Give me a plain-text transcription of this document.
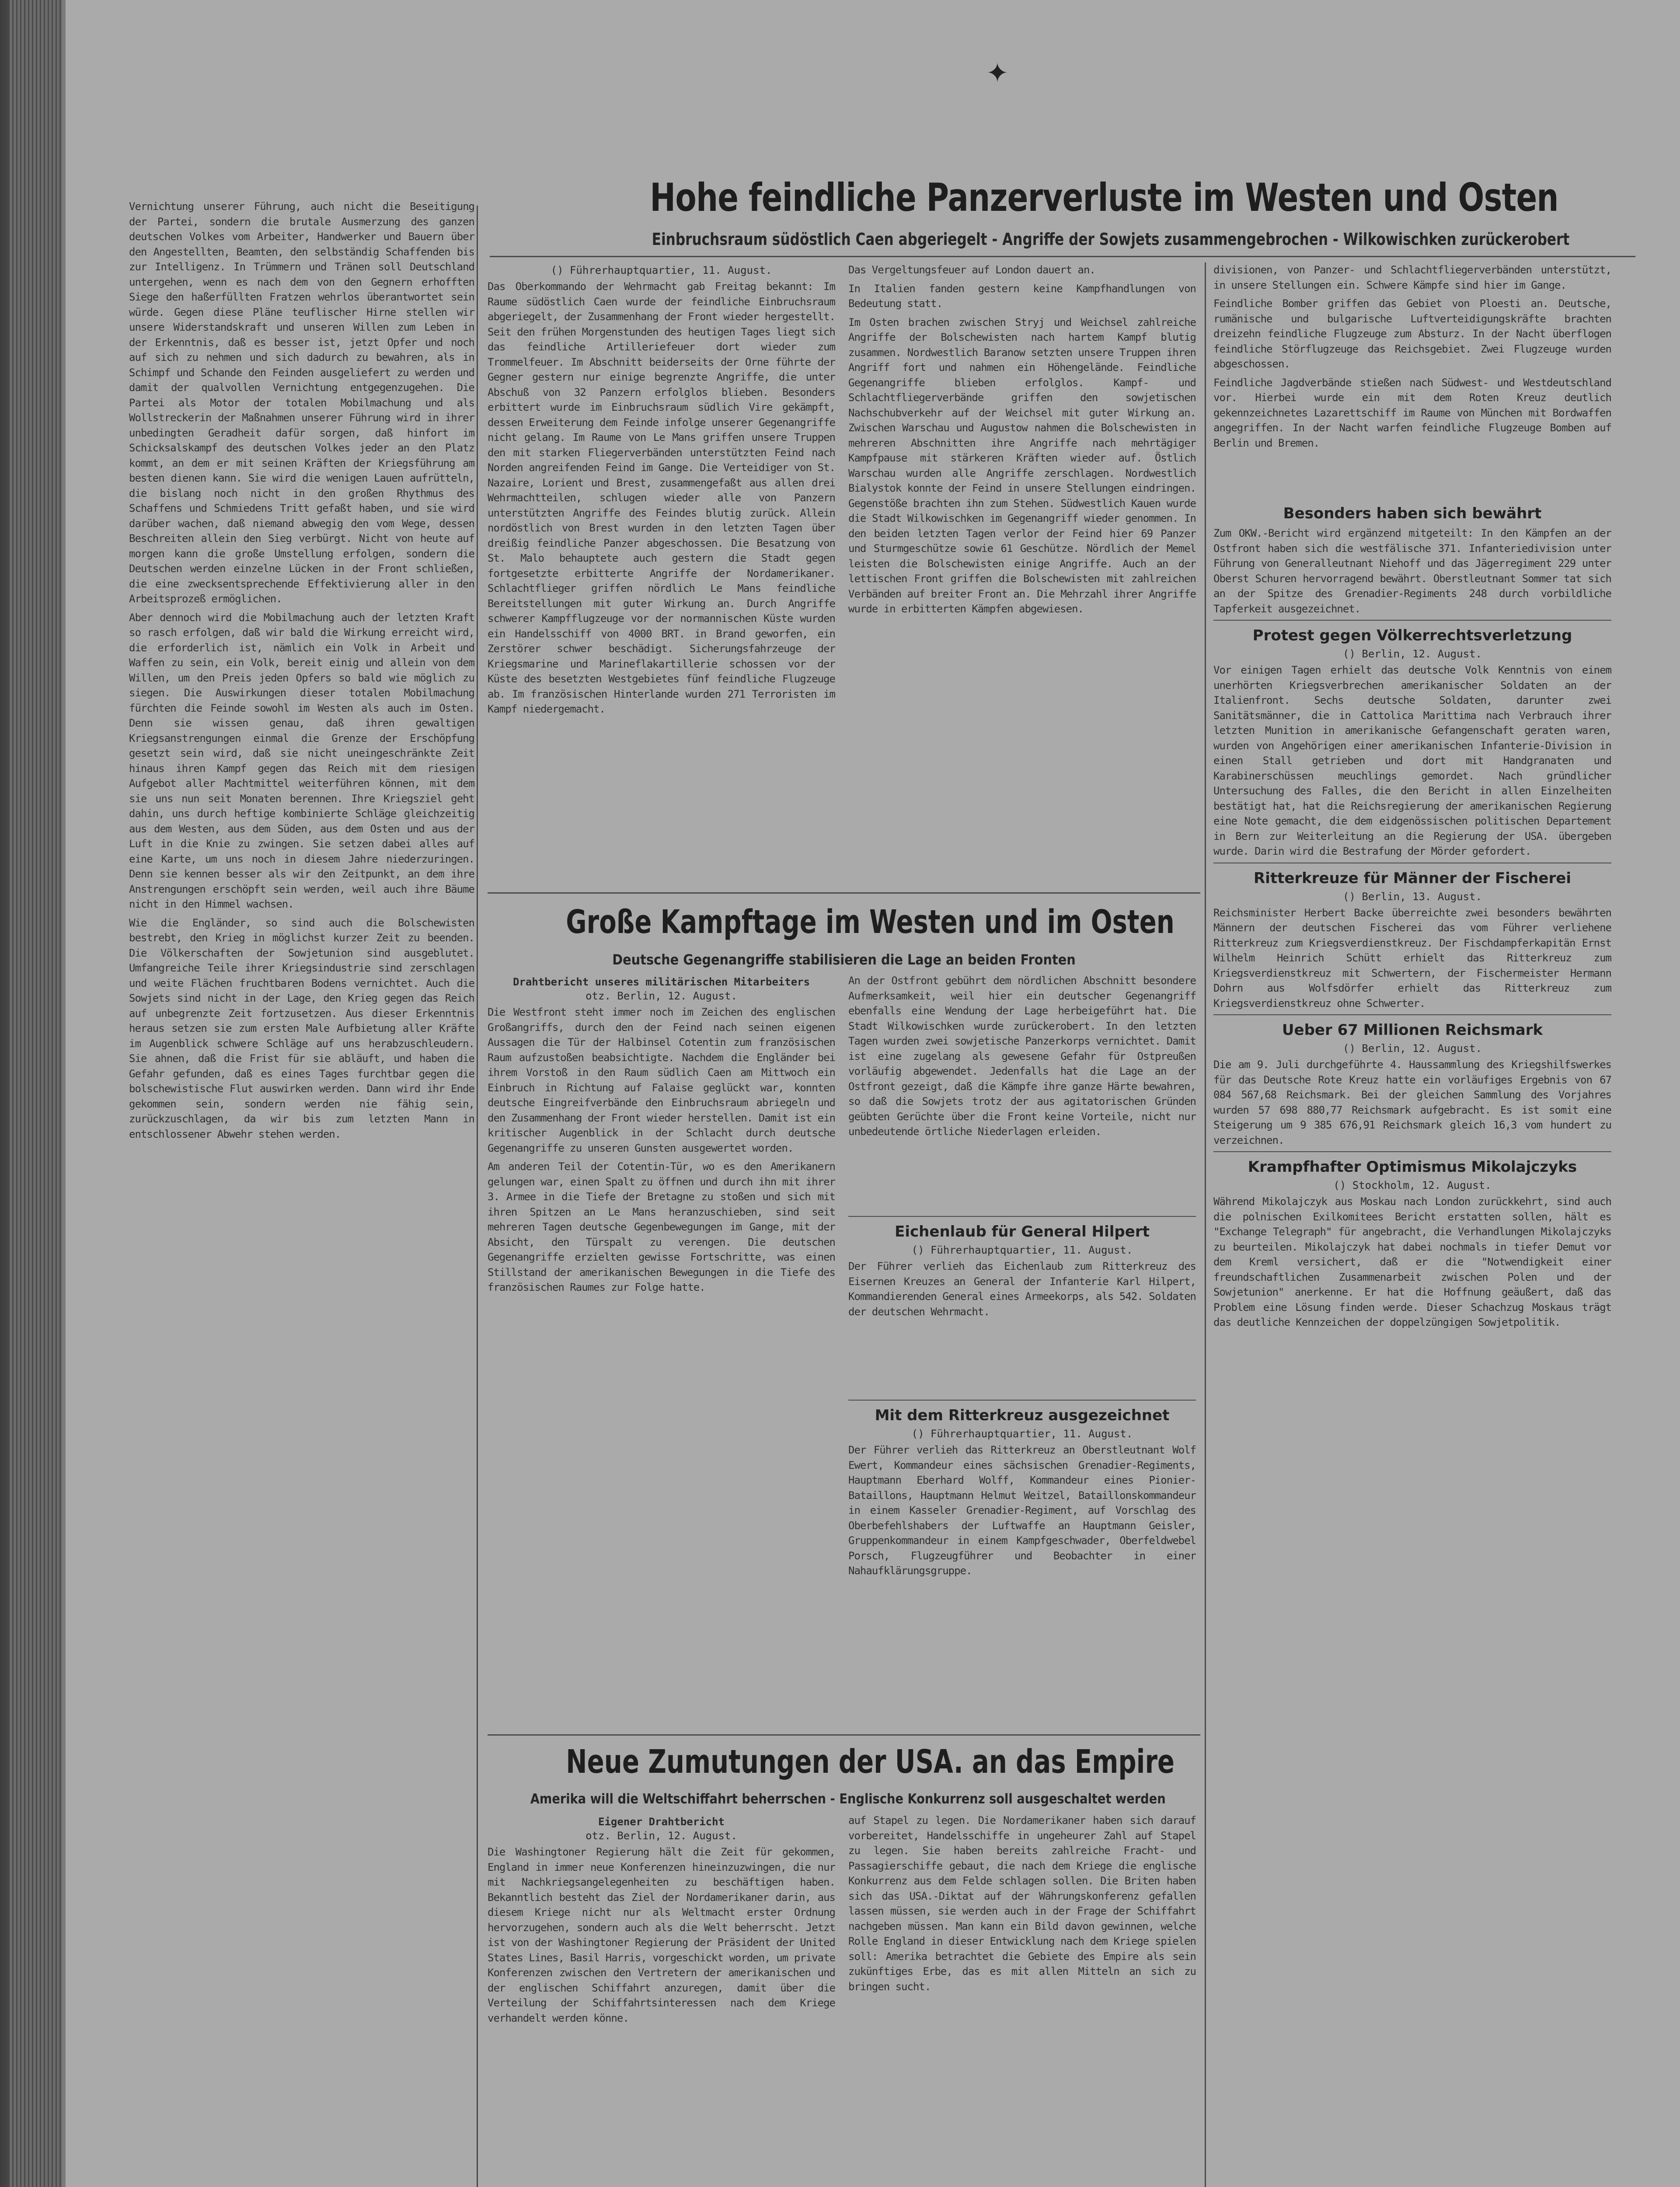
✦

Vernichtung unserer Führung, auch nicht die Beseitigung der Partei, sondern die brutale Ausmerzung des ganzen deutschen Volkes vom Arbeiter, Handwerker und Bauern über den Angestellten, Beamten, den selbständig Schaffenden bis zur Intelligenz. In Trümmern und Tränen soll Deutschland untergehen, wenn es nach dem von den Gegnern erhofften Siege den haßerfüllten Fratzen wehrlos überantwortet sein würde. Gegen diese Pläne teuflischer Hirne stellen wir unsere Widerstandskraft und unseren Willen zum Leben in der Erkenntnis, daß es besser ist, jetzt Opfer und noch auf sich zu nehmen und sich dadurch zu bewahren, als in Schimpf und Schande den Feinden ausgeliefert zu werden und damit der qualvollen Vernichtung entgegenzugehen. Die Partei als Motor der totalen Mobilmachung und als Wollstreckerin der Maßnahmen unserer Führung wird in ihrer unbedingten Geradheit dafür sorgen, daß hinfort im Schicksalskampf des deutschen Volkes jeder an den Platz kommt, an dem er mit seinen Kräften der Kriegsführung am besten dienen kann. Sie wird die wenigen Lauen aufrütteln, die bislang noch nicht in den großen Rhythmus des Schaffens und Schmiedens Tritt gefaßt haben, und sie wird darüber wachen, daß niemand abwegig den vom Wege, dessen Beschreiten allein den Sieg verbürgt. Nicht von heute auf morgen kann die große Umstellung erfolgen, sondern die Deutschen werden einzelne Lücken in der Front schließen, die eine zwecksentsprechende Effektivierung aller in den Arbeitsprozeß ermöglichen.

Aber dennoch wird die Mobilmachung auch der letzten Kraft so rasch erfolgen, daß wir bald die Wirkung erreicht wird, die erforderlich ist, nämlich ein Volk in Arbeit und Waffen zu sein, ein Volk, bereit einig und allein von dem Willen, um den Preis jeden Opfers so bald wie möglich zu siegen. Die Auswirkungen dieser totalen Mobilmachung fürchten die Feinde sowohl im Westen als auch im Osten. Denn sie wissen genau, daß ihren gewaltigen Kriegsanstrengungen einmal die Grenze der Erschöpfung gesetzt sein wird, daß sie nicht uneingeschränkte Zeit hinaus ihren Kampf gegen das Reich mit dem riesigen Aufgebot aller Machtmittel weiterführen können, mit dem sie uns nun seit Monaten berennen. Ihre Kriegsziel geht dahin, uns durch heftige kombinierte Schläge gleichzeitig aus dem Westen, aus dem Süden, aus dem Osten und aus der Luft in die Knie zu zwingen. Sie setzen dabei alles auf eine Karte, um uns noch in diesem Jahre niederzuringen. Denn sie kennen besser als wir den Zeitpunkt, an dem ihre Anstrengungen erschöpft sein werden, weil auch ihre Bäume nicht in den Himmel wachsen.

Wie die Engländer, so sind auch die Bolschewisten bestrebt, den Krieg in möglichst kurzer Zeit zu beenden. Die Völkerschaften der Sowjetunion sind ausgeblutet. Umfangreiche Teile ihrer Kriegsindustrie sind zerschlagen und weite Flächen fruchtbaren Bodens vernichtet. Auch die Sowjets sind nicht in der Lage, den Krieg gegen das Reich auf unbegrenzte Zeit fortzusetzen. Aus dieser Erkenntnis heraus setzen sie zum ersten Male Aufbietung aller Kräfte im Augenblick schwere Schläge auf uns herabzuschleudern. Sie ahnen, daß die Frist für sie abläuft, und haben die Gefahr gefunden, daß es eines Tages furchtbar gegen die bolschewistische Flut auswirken werden. Dann wird ihr Ende gekommen sein, sondern werden nie fähig sein, zurückzuschlagen, da wir bis zum letzten Mann in entschlossener Abwehr stehen werden.

Hohe feindliche Panzerverluste im Westen und Osten

Einbruchsraum südöstlich Caen abgeriegelt - Angriffe der Sowjets zusammengebrochen - Wilkowischken zurückerobert

() Führerhauptquartier, 11. August.

Das Oberkommando der Wehrmacht gab Freitag bekannt: Im Raume südöstlich Caen wurde der feindliche Einbruchsraum abgeriegelt, der Zusammenhang der Front wieder hergestellt. Seit den frühen Morgenstunden des heutigen Tages liegt sich das feindliche Artilleriefeuer dort wieder zum Trommelfeuer. Im Abschnitt beiderseits der Orne führte der Gegner gestern nur einige begrenzte Angriffe, die unter Abschuß von 32 Panzern erfolglos blieben. Besonders erbittert wurde im Einbruchsraum südlich Vire gekämpft, dessen Erweiterung dem Feinde infolge unserer Gegenangriffe nicht gelang. Im Raume von Le Mans griffen unsere Truppen den mit starken Fliegerverbänden unterstützten Feind nach Norden angreifenden Feind im Gange. Die Verteidiger von St. Nazaire, Lorient und Brest, zusammengefaßt aus allen drei Wehrmachtteilen, schlugen wieder alle von Panzern unterstützten Angriffe des Feindes blutig zurück. Allein nordöstlich von Brest wurden in den letzten Tagen über dreißig feindliche Panzer abgeschossen. Die Besatzung von St. Malo behauptete auch gestern die Stadt gegen fortgesetzte erbitterte Angriffe der Nordamerikaner. Schlachtflieger griffen nördlich Le Mans feindliche Bereitstellungen mit guter Wirkung an. Durch Angriffe schwerer Kampfflugzeuge vor der normannischen Küste wurden ein Handelsschiff von 4000 BRT. in Brand geworfen, ein Zerstörer schwer beschädigt. Sicherungsfahrzeuge der Kriegsmarine und Marineflakartillerie schossen vor der Küste des besetzten Westgebietes fünf feindliche Flugzeuge ab. Im französischen Hinterlande wurden 271 Terroristen im Kampf niedergemacht.

Das Vergeltungsfeuer auf London dauert an.

In Italien fanden gestern keine Kampfhandlungen von Bedeutung statt.

Im Osten brachen zwischen Stryj und Weichsel zahlreiche Angriffe der Bolschewisten nach hartem Kampf blutig zusammen. Nordwestlich Baranow setzten unsere Truppen ihren Angriff fort und nahmen ein Höhengelände. Feindliche Gegenangriffe blieben erfolglos. Kampf- und Schlachtfliegerverbände griffen den sowjetischen Nachschubverkehr auf der Weichsel mit guter Wirkung an. Zwischen Warschau und Augustow nahmen die Bolschewisten in mehreren Abschnitten ihre Angriffe nach mehrtägiger Kampfpause mit stärkeren Kräften wieder auf. Östlich Warschau wurden alle Angriffe zerschlagen. Nordwestlich Bialystok konnte der Feind in unsere Stellungen eindringen. Gegenstöße brachten ihn zum Stehen. Südwestlich Kauen wurde die Stadt Wilkowischken im Gegenangriff wieder genommen. In den beiden letzten Tagen verlor der Feind hier 69 Panzer und Sturmgeschütze sowie 61 Geschütze. Nördlich der Memel leisten die Bolschewisten einige Angriffe. Auch an der lettischen Front griffen die Bolschewisten mit zahlreichen Verbänden auf breiter Front an. Die Mehrzahl ihrer Angriffe wurde in erbitterten Kämpfen abgewiesen.

divisionen, von Panzer- und Schlachtfliegerverbänden unterstützt, in unsere Stellungen ein. Schwere Kämpfe sind hier im Gange.

Feindliche Bomber griffen das Gebiet von Ploesti an. Deutsche, rumänische und bulgarische Luftverteidigungskräfte brachten dreizehn feindliche Flugzeuge zum Absturz. In der Nacht überflogen feindliche Störflugzeuge das Reichsgebiet. Zwei Flugzeuge wurden abgeschossen.

Feindliche Jagdverbände stießen nach Südwest- und Westdeutschland vor. Hierbei wurde ein mit dem Roten Kreuz deutlich gekennzeichnetes Lazarettschiff im Raume von München mit Bordwaffen angegriffen. In der Nacht warfen feindliche Flugzeuge Bomben auf Berlin und Bremen.

Große Kampftage im Westen und im Osten

Deutsche Gegenangriffe stabilisieren die Lage an beiden Fronten

Drahtbericht unseres militärischen Mitarbeiters

otz. Berlin, 12. August.

Die Westfront steht immer noch im Zeichen des englischen Großangriffs, durch den der Feind nach seinen eigenen Aussagen die Tür der Halbinsel Cotentin zum französischen Raum aufzustoßen beabsichtigte. Nachdem die Engländer bei ihrem Vorstoß in den Raum südlich Caen am Mittwoch ein Einbruch in Richtung auf Falaise geglückt war, konnten deutsche Eingreifverbände den Einbruchsraum abriegeln und den Zusammenhang der Front wieder herstellen. Damit ist ein kritischer Augenblick in der Schlacht durch deutsche Gegenangriffe zu unseren Gunsten ausgewertet worden.

Am anderen Teil der Cotentin-Tür, wo es den Amerikanern gelungen war, einen Spalt zu öffnen und durch ihn mit ihrer 3. Armee in die Tiefe der Bretagne zu stoßen und sich mit ihren Spitzen an Le Mans heranzuschieben, sind seit mehreren Tagen deutsche Gegenbewegungen im Gange, mit der Absicht, den Türspalt zu verengen. Die deutschen Gegenangriffe erzielten gewisse Fortschritte, was einen Stillstand der amerikanischen Bewegungen in die Tiefe des französischen Raumes zur Folge hatte.

An der Ostfront gebührt dem nördlichen Abschnitt besondere Aufmerksamkeit, weil hier ein deutscher Gegenangriff ebenfalls eine Wendung der Lage herbeigeführt hat. Die Stadt Wilkowischken wurde zurückerobert. In den letzten Tagen wurden zwei sowjetische Panzerkorps vernichtet. Damit ist eine zugelang als gewesene Gefahr für Ostpreußen vorläufig abgewendet. Jedenfalls hat die Lage an der Ostfront gezeigt, daß die Kämpfe ihre ganze Härte bewahren, so daß die Sowjets trotz der aus agitatorischen Gründen geübten Gerüchte über die Front keine Vorteile, nicht nur unbedeutende örtliche Niederlagen erleiden.

Eichenlaub für General Hilpert

() Führerhauptquartier, 11. August.

Der Führer verlieh das Eichenlaub zum Ritterkreuz des Eisernen Kreuzes an General der Infanterie Karl Hilpert, Kommandierenden General eines Armeekorps, als 542. Soldaten der deutschen Wehrmacht.

Mit dem Ritterkreuz ausgezeichnet

() Führerhauptquartier, 11. August.

Der Führer verlieh das Ritterkreuz an Oberstleutnant Wolf Ewert, Kommandeur eines sächsischen Grenadier-Regiments, Hauptmann Eberhard Wolff, Kommandeur eines Pionier-Bataillons, Hauptmann Helmut Weitzel, Bataillonskommandeur in einem Kasseler Grenadier-Regiment, auf Vorschlag des Oberbefehlshabers der Luftwaffe an Hauptmann Geisler, Gruppenkommandeur in einem Kampfgeschwader, Oberfeldwebel Porsch, Flugzeugführer und Beobachter in einer Nahaufklärungsgruppe.

Neue Zumutungen der USA. an das Empire

Amerika will die Weltschiffahrt beherrschen - Englische Konkurrenz soll ausgeschaltet werden

Eigener Drahtbericht

otz. Berlin, 12. August.

Die Washingtoner Regierung hält die Zeit für gekommen, England in immer neue Konferenzen hineinzuzwingen, die nur mit Nachkriegsangelegenheiten zu beschäftigen haben. Bekanntlich besteht das Ziel der Nordamerikaner darin, aus diesem Kriege nicht nur als Weltmacht erster Ordnung hervorzugehen, sondern auch als die Welt beherrscht. Jetzt ist von der Washingtoner Regierung der Präsident der United States Lines, Basil Harris, vorgeschickt worden, um private Konferenzen zwischen den Vertretern der amerikanischen und der englischen Schiffahrt anzuregen, damit über die Verteilung der Schiffahrtsinteressen nach dem Kriege verhandelt werden könne.

auf Stapel zu legen. Die Nordamerikaner haben sich darauf vorbereitet, Handelsschiffe in ungeheurer Zahl auf Stapel zu legen. Sie haben bereits zahlreiche Fracht- und Passagierschiffe gebaut, die nach dem Kriege die englische Konkurrenz aus dem Felde schlagen sollen. Die Briten haben sich das USA.-Diktat auf der Währungskonferenz gefallen lassen müssen, sie werden auch in der Frage der Schiffahrt nachgeben müssen. Man kann ein Bild davon gewinnen, welche Rolle England in dieser Entwicklung nach dem Kriege spielen soll: Amerika betrachtet die Gebiete des Empire als sein zukünftiges Erbe, das es mit allen Mitteln an sich zu bringen sucht.

Besonders haben sich bewährt

Zum OKW.-Bericht wird ergänzend mitgeteilt: In den Kämpfen an der Ostfront haben sich die westfälische 371. Infanteriedivision unter Führung von Generalleutnant Niehoff und das Jägerregiment 229 unter Oberst Schuren hervorragend bewährt. Oberstleutnant Sommer tat sich an der Spitze des Grenadier-Regiments 248 durch vorbildliche Tapferkeit ausgezeichnet.

Protest gegen Völkerrechtsverletzung

() Berlin, 12. August.

Vor einigen Tagen erhielt das deutsche Volk Kenntnis von einem unerhörten Kriegsverbrechen amerikanischer Soldaten an der Italienfront. Sechs deutsche Soldaten, darunter zwei Sanitätsmänner, die in Cattolica Marittima nach Verbrauch ihrer letzten Munition in amerikanische Gefangenschaft geraten waren, wurden von Angehörigen einer amerikanischen Infanterie-Division in einen Stall getrieben und dort mit Handgranaten und Karabinerschüssen meuchlings gemordet. Nach gründlicher Untersuchung des Falles, die den Bericht in allen Einzelheiten bestätigt hat, hat die Reichsregierung der amerikanischen Regierung eine Note gemacht, die dem eidgenössischen politischen Departement in Bern zur Weiterleitung an die Regierung der USA. übergeben wurde. Darin wird die Bestrafung der Mörder gefordert.

Ritterkreuze für Männer der Fischerei

() Berlin, 13. August.

Reichsminister Herbert Backe überreichte zwei besonders bewährten Männern der deutschen Fischerei das vom Führer verliehene Ritterkreuz zum Kriegsverdienstkreuz. Der Fischdampferkapitän Ernst Wilhelm Heinrich Schütt erhielt das Ritterkreuz zum Kriegsverdienstkreuz mit Schwertern, der Fischermeister Hermann Dohrn aus Wolfsdörfer erhielt das Ritterkreuz zum Kriegsverdienstkreuz ohne Schwerter.

Ueber 67 Millionen Reichsmark

() Berlin, 12. August.

Die am 9. Juli durchgeführte 4. Haussammlung des Kriegshilfswerkes für das Deutsche Rote Kreuz hatte ein vorläufiges Ergebnis von 67 084 567,68 Reichsmark. Bei der gleichen Sammlung des Vorjahres wurden 57 698 880,77 Reichsmark aufgebracht. Es ist somit eine Steigerung um 9 385 676,91 Reichsmark gleich 16,3 vom hundert zu verzeichnen.

Krampfhafter Optimismus Mikolajczyks

() Stockholm, 12. August.

Während Mikolajczyk aus Moskau nach London zurückkehrt, sind auch die polnischen Exilkomitees Bericht erstatten sollen, hält es "Exchange Telegraph" für angebracht, die Verhandlungen Mikolajczyks zu beurteilen. Mikolajczyk hat dabei nochmals in tiefer Demut vor dem Kreml versichert, daß er die "Notwendigkeit einer freundschaftlichen Zusammenarbeit zwischen Polen und der Sowjetunion" anerkenne. Er hat die Hoffnung geäußert, daß das Problem eine Lösung finden werde. Dieser Schachzug Moskaus trägt das deutliche Kennzeichen der doppelzüngigen Sowjetpolitik.
